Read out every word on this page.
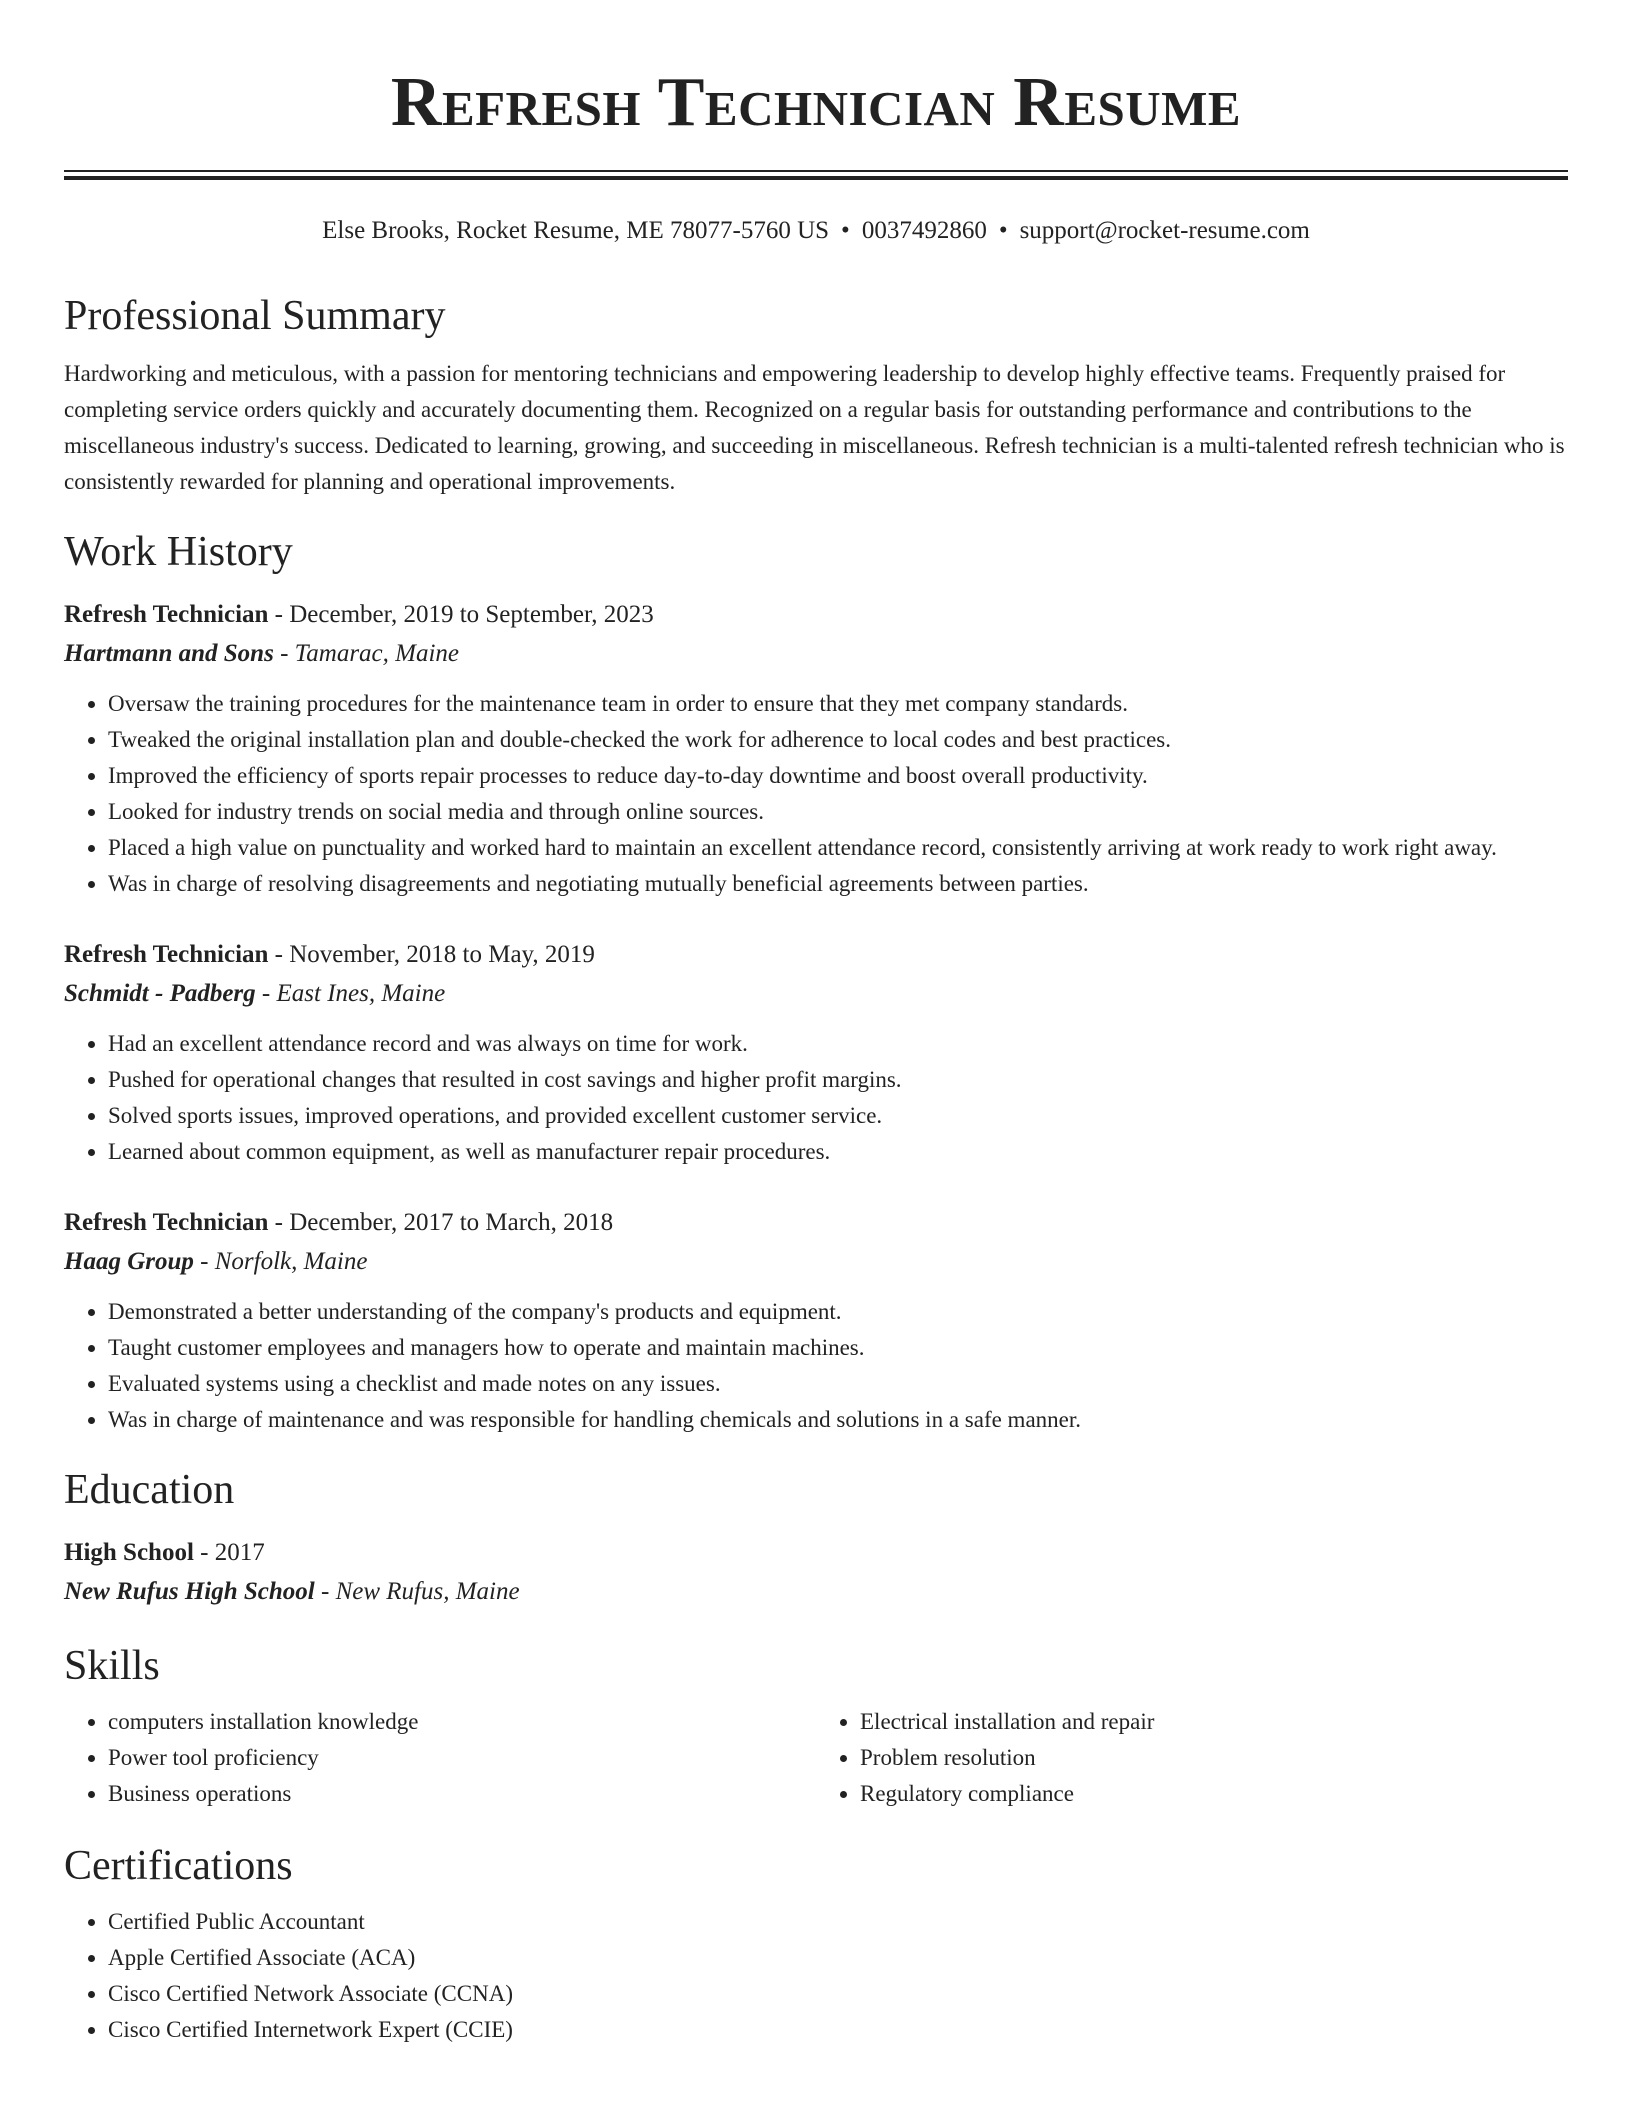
Refresh Technician Resume
Else Brooks, Rocket Resume, ME 78077-5760 US • 0037492860 • support@rocket-resume.com
Professional Summary

Hardworking and meticulous, with a passion for mentoring technicians and empowering leadership to develop highly effective teams. Frequently praised for completing service orders quickly and accurately documenting them. Recognized on a regular basis for outstanding performance and contributions to the miscellaneous industry's success. Dedicated to learning, growing, and succeeding in miscellaneous. Refresh technician is a multi-talented refresh technician who is consistently rewarded for planning and operational improvements.

Work History
Refresh Technician - December, 2019 to September, 2023
Hartmann and Sons - Tamarac, Maine
• Oversaw the training procedures for the maintenance team in order to ensure that they met company standards.
• Tweaked the original installation plan and double-checked the work for adherence to local codes and best practices.
• Improved the efficiency of sports repair processes to reduce day-to-day downtime and boost overall productivity.
• Looked for industry trends on social media and through online sources.
• Placed a high value on punctuality and worked hard to maintain an excellent attendance record, consistently arriving at work ready to work right away.
• Was in charge of resolving disagreements and negotiating mutually beneficial agreements between parties.
Refresh Technician - November, 2018 to May, 2019
Schmidt - Padberg - East Ines, Maine
• Had an excellent attendance record and was always on time for work.
• Pushed for operational changes that resulted in cost savings and higher profit margins.
• Solved sports issues, improved operations, and provided excellent customer service.
• Learned about common equipment, as well as manufacturer repair procedures.
Refresh Technician - December, 2017 to March, 2018
Haag Group - Norfolk, Maine
• Demonstrated a better understanding of the company's products and equipment.
• Taught customer employees and managers how to operate and maintain machines.
• Evaluated systems using a checklist and made notes on any issues.
• Was in charge of maintenance and was responsible for handling chemicals and solutions in a safe manner.
Education
High School - 2017
New Rufus High School - New Rufus, Maine
Skills
• computers installation knowledge
• Power tool proficiency
• Business operations
• Electrical installation and repair
• Problem resolution
• Regulatory compliance
Certifications
• Certified Public Accountant
• Apple Certified Associate (ACA)
• Cisco Certified Network Associate (CCNA)
• Cisco Certified Internetwork Expert (CCIE)
